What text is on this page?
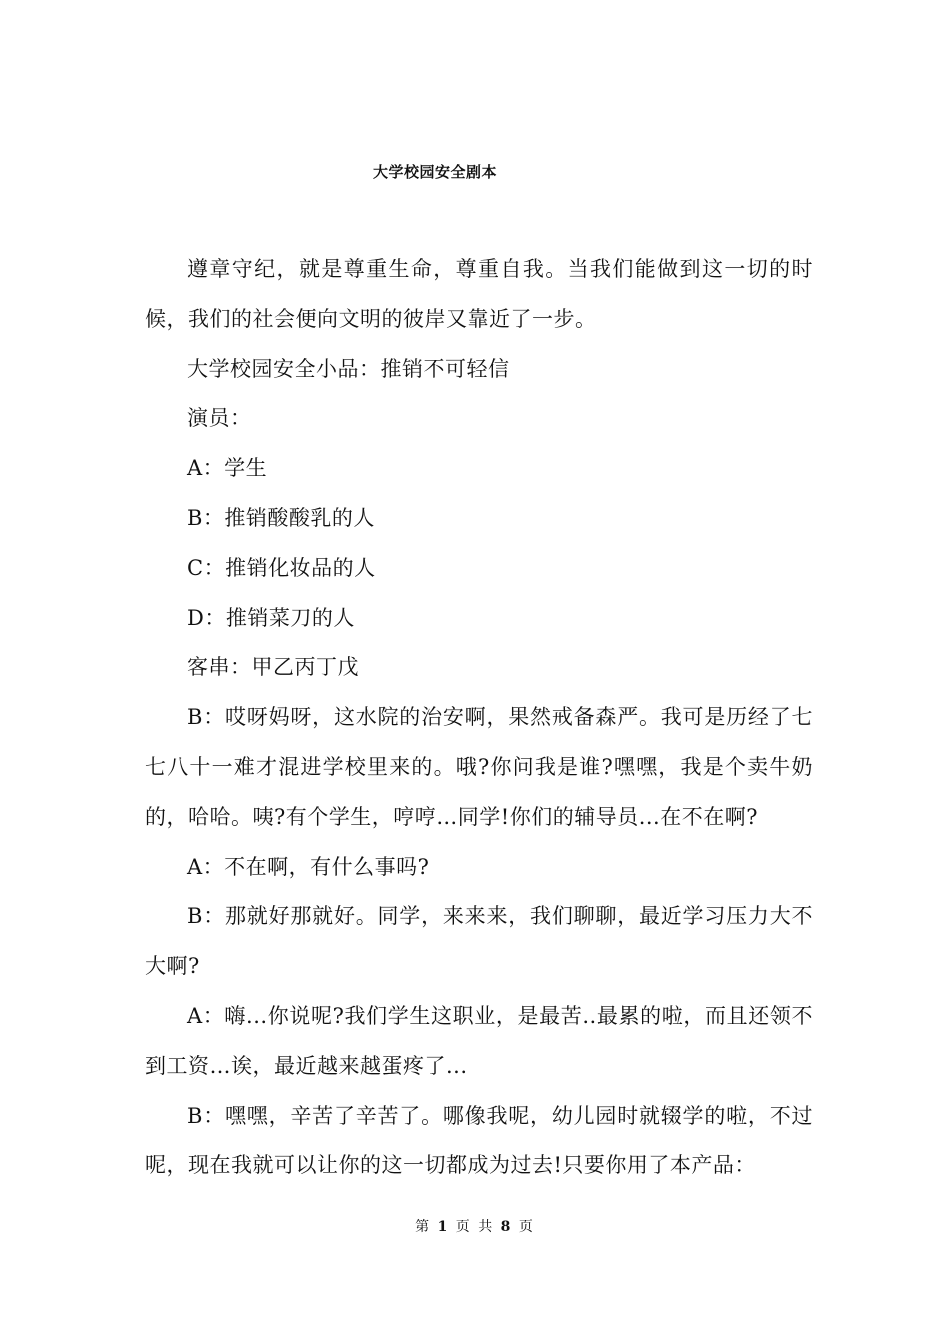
大学校园安全剧本

遵章守纪，就是尊重生命，尊重自我。当我们能做到这一切的时候，我们的社会便向文明的彼岸又靠近了一步。

大学校园安全小品：推销不可轻信

演员：

A：学生

B：推销酸酸乳的人

C：推销化妆品的人

D：推销菜刀的人

客串：甲乙丙丁戊

B：哎呀妈呀，这水院的治安啊，果然戒备森严。我可是历经了七七八十一难才混进学校里来的。哦?你问我是谁?嘿嘿，我是个卖牛奶的，哈哈。咦?有个学生，哼哼…同学!你们的辅导员...在不在啊?

A：不在啊，有什么事吗?

B：那就好那就好。同学，来来来，我们聊聊，最近学习压力大不大啊?

A：嗨...你说呢?我们学生这职业，是最苦..最累的啦，而且还领不到工资…诶，最近越来越蛋疼了...

B：嘿嘿，辛苦了辛苦了。哪像我呢，幼儿园时就辍学的啦，不过呢，现在我就可以让你的这一切都成为过去!只要你用了本产品：

第 1 页 共 8 页
